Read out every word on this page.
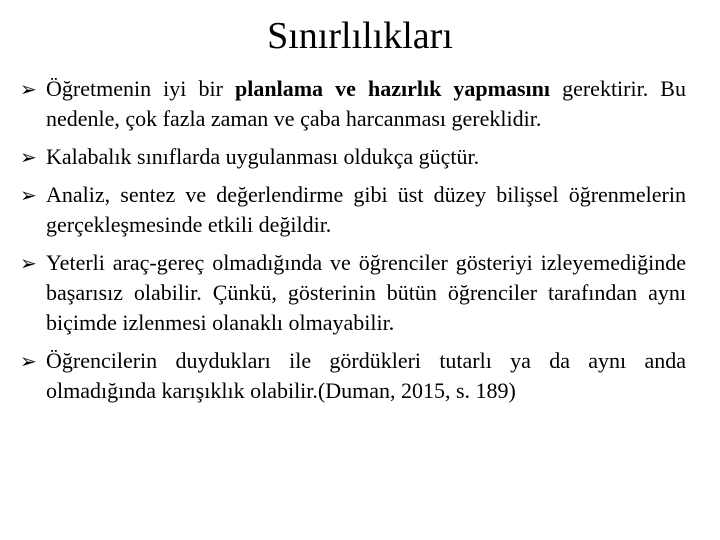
Sınırlılıkları
➢ Öğretmenin iyi bir planlama ve hazırlık yapmasını gerektirir. Bu nedenle, çok fazla zaman ve çaba harcanması gereklidir.
➢ Kalabalık sınıflarda uygulanması oldukça güçtür.
➢ Analiz, sentez ve değerlendirme gibi üst düzey bilişsel öğrenmelerin gerçekleşmesinde etkili değildir.
➢ Yeterli araç-gereç olmadığında ve öğrenciler gösteriyi izleyemediğinde başarısız olabilir. Çünkü, gösterinin bütün öğrenciler tarafından aynı biçimde izlenmesi olanaklı olmayabilir.
➢ Öğrencilerin duydukları ile gördükleri tutarlı ya da aynı anda olmadığında karışıklık olabilir.(Duman, 2015, s. 189)
